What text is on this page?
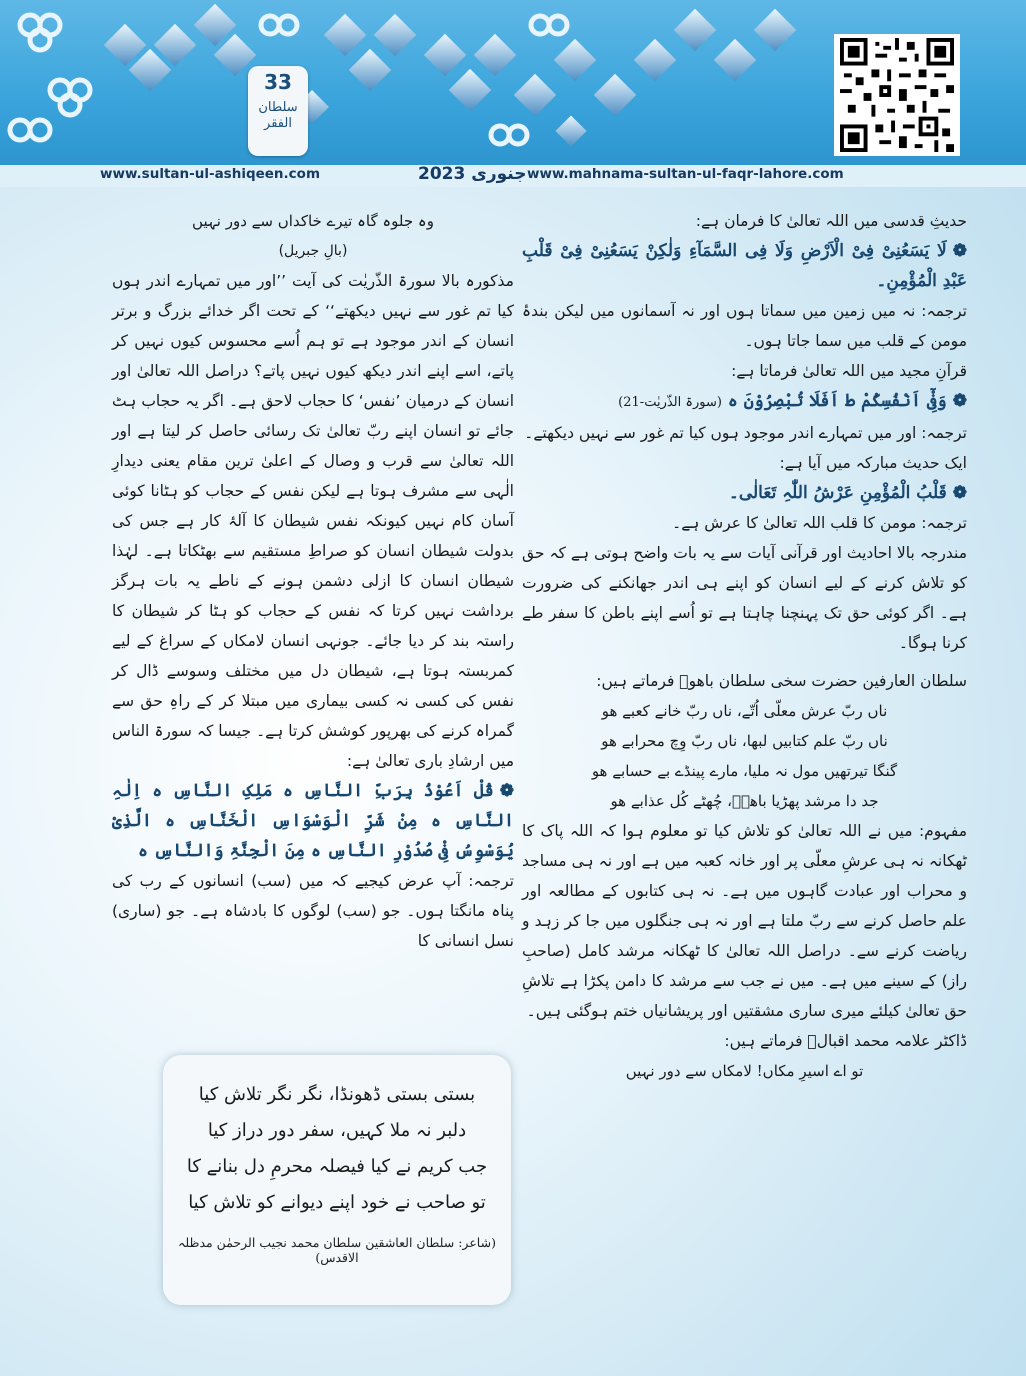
33
سلطان الفقر
www.sultan-ul-ashiqeen.com	جنوری 2023 www.mahnama-sultan-ul-faqr-lahore.com

حدیثِ قدسی میں اللہ تعالیٰ کا فرمان ہے:

❁لَا یَسَعُنِیْ فِیْ الْاَرْضِ وَلَا فِی السَّمَآءِ وَلٰکِنْ یَسَعُنِیْ فِیْ قَلْبِ عَبْدِ الْمُؤْمِنِ۔

ترجمہ: نہ میں زمین میں سماتا ہوں اور نہ آسمانوں میں لیکن بندۂ مومن کے قلب میں سما جاتا ہوں۔

قرآنِ مجید میں اللہ تعالیٰ فرماتا ہے:

❁وَفِیْٓ اَنْفُسِکُمْ ط اَفَلَا تُبْصِرُوْنَ ہ (سورۃ الذّریٰت-21)

ترجمہ: اور میں تمہارے اندر موجود ہوں کیا تم غور سے نہیں دیکھتے۔

ایک حدیث مبارکہ میں آیا ہے:

❁قَلْبُ الْمُؤْمِنِ عَرْشُ اللّٰہِ تَعَالٰی۔

ترجمہ: مومن کا قلب اللہ تعالیٰ کا عرش ہے۔

مندرجہ بالا احادیث اور قرآنی آیات سے یہ بات واضح ہوتی ہے کہ حق کو تلاش کرنے کے لیے انسان کو اپنے ہی اندر جھانکنے کی ضرورت ہے۔ اگر کوئی حق تک پہنچنا چاہتا ہے تو اُسے اپنے باطن کا سفر طے کرنا ہوگا۔

سلطان العارفین حضرت سخی سلطان باھوؒ فرماتے ہیں:

ناں ربّ عرش معلّی اُتّے، ناں ربّ خانے کعبے ھو

ناں ربّ علم کتابیں لبھا، ناں ربّ وِچ محرابے ھو

گنگا تیرتھیں مول نہ ملیا، مارے پینڈے بے حسابے ھو

جد دا مرشد پھڑیا باھوؒ، چُھٹے کُل عذابے ھو

مفہوم: میں نے اللہ تعالیٰ کو تلاش کیا تو معلوم ہوا کہ اللہ پاک کا ٹھکانہ نہ ہی عرشِ معلّی پر اور خانہ کعبہ میں ہے اور نہ ہی مساجد و محراب اور عبادت گاہوں میں ہے۔ نہ ہی کتابوں کے مطالعہ اور علم حاصل کرنے سے ربّ ملتا ہے اور نہ ہی جنگلوں میں جا کر زہد و ریاضت کرنے سے۔ دراصل اللہ تعالیٰ کا ٹھکانہ مرشد کامل (صاحبِ راز) کے سینے میں ہے۔ میں نے جب سے مرشد کا دامن پکڑا ہے تلاشِ حق تعالیٰ کیلئے میری ساری مشقتیں اور پریشانیاں ختم ہوگئی ہیں۔

ڈاکٹر علامہ محمد اقبالؒ فرماتے ہیں:

تو اے اسیرِ مکاں! لامکاں سے دور نہیں

وہ جلوہ گاہ تیرے خاکداں سے دور نہیں

(بالِ جبریل)

مذکورہ بالا سورۃ الذّریٰت کی آیت ’’اور میں تمہارے اندر ہوں کیا تم غور سے نہیں دیکھتے‘‘ کے تحت اگر خدائے بزرگ و برتر انسان کے اندر موجود ہے تو ہم اُسے محسوس کیوں نہیں کر پاتے، اسے اپنے اندر دیکھ کیوں نہیں پاتے؟ دراصل اللہ تعالیٰ اور انسان کے درمیان ’نفس‘ کا حجاب لاحق ہے۔ اگر یہ حجاب ہٹ جائے تو انسان اپنے ربّ تعالیٰ تک رسائی حاصل کر لیتا ہے اور اللہ تعالیٰ سے قرب و وصال کے اعلیٰ ترین مقام یعنی دیدارِ الٰہی سے مشرف ہوتا ہے لیکن نفس کے حجاب کو ہٹانا کوئی آسان کام نہیں کیونکہ نفس شیطان کا آلۂ کار ہے جس کی بدولت شیطان انسان کو صراطِ مستقیم سے بھٹکاتا ہے۔ لہٰذا شیطان انسان کا ازلی دشمن ہونے کے ناطے یہ بات ہرگز برداشت نہیں کرتا کہ نفس کے حجاب کو ہٹا کر شیطان کا راستہ بند کر دیا جائے۔ جونہی انسان لامکاں کے سراغ کے لیے کمربستہ ہوتا ہے، شیطان دل میں مختلف وسوسے ڈال کر نفس کی کسی نہ کسی بیماری میں مبتلا کر کے راہِ حق سے گمراہ کرنے کی بھرپور کوشش کرتا ہے۔ جیسا کہ سورۃ الناس میں ارشادِ باری تعالیٰ ہے:

❁قُلْ اَعُوْذُ بِرَبِّ النَّاسِ ہ مَلِکِ النَّاسِ ہ اِلٰہِ النَّاسِ ہ مِنْ شَرِّ الْوَسْوَاسِ الْخَنَّاسِ ہ الَّذِیْ یُوَسْوِسُ فِیْ صُدُوْرِ النَّاسِ ہ مِنَ الْجِنَّۃِ وَالنَّاسِ ہ

ترجمہ: آپ عرض کیجیے کہ میں (سب) انسانوں کے رب کی پناہ مانگتا ہوں۔ جو (سب) لوگوں کا بادشاہ ہے۔ جو (ساری) نسل انسانی کا

بستی بستی ڈھونڈا، نگر نگر تلاش کیا
دلبر نہ ملا کہیں، سفر دور دراز کیا
جب کریم نے کیا فیصلہ محرمِ دل بنانے کا
تو صاحب نے خود اپنے دیوانے کو تلاش کیا
(شاعر: سلطان العاشقین سلطان محمد نجیب الرحمٰن مدظلہ الاقدس)
